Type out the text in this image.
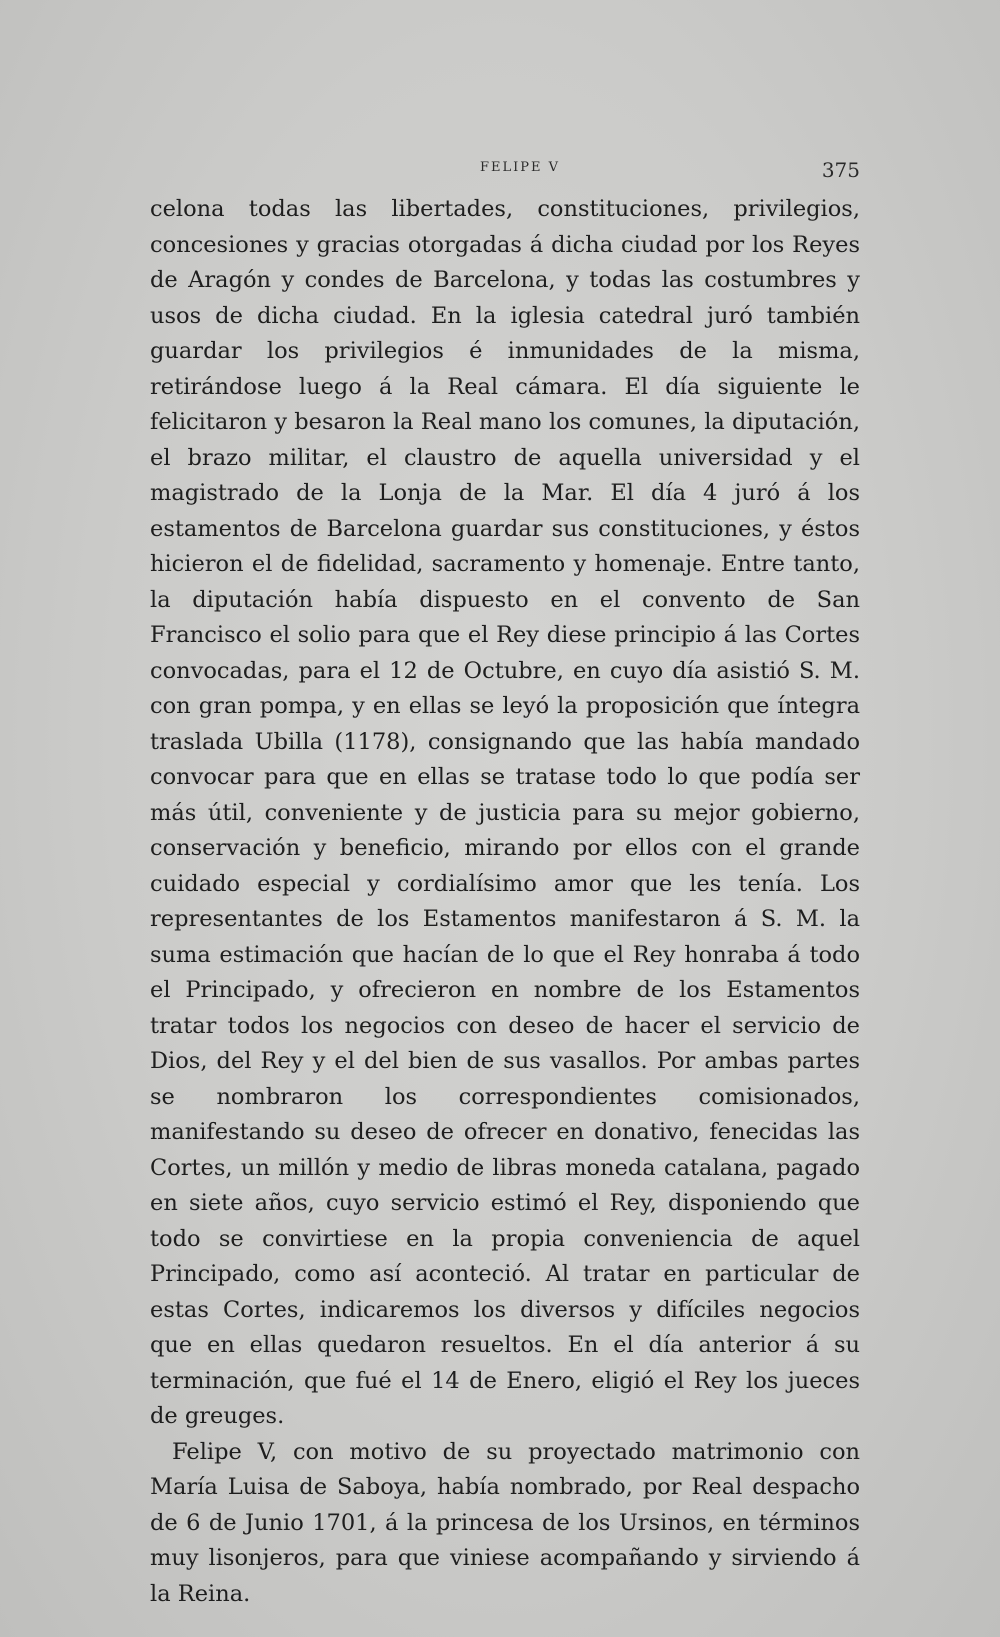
FELIPE V	375

celona todas las libertades, constituciones, privilegios, concesiones y gracias otorgadas á dicha ciudad por los Reyes de Aragón y condes de Barcelona, y todas las costumbres y usos de dicha ciudad. En la iglesia catedral juró también guardar los privilegios é inmunidades de la misma, retirándose luego á la Real cámara. El día siguiente le felicitaron y besaron la Real mano los comunes, la diputación, el brazo militar, el claustro de aquella universidad y el magistrado de la Lonja de la Mar. El día 4 juró á los estamentos de Barcelona guardar sus constituciones, y éstos hicieron el de fidelidad, sacramento y homenaje. Entre tanto, la diputación había dispuesto en el convento de San Francisco el solio para que el Rey diese principio á las Cortes convocadas, para el 12 de Octubre, en cuyo día asistió S. M. con gran pompa, y en ellas se leyó la proposición que íntegra traslada Ubilla (1178), consignando que las había mandado convocar para que en ellas se tratase todo lo que podía ser más útil, conveniente y de justicia para su mejor gobierno, conservación y beneficio, mirando por ellos con el grande cuidado especial y cordialísimo amor que les tenía. Los representantes de los Estamentos manifestaron á S. M. la suma estimación que hacían de lo que el Rey honraba á todo el Principado, y ofrecieron en nombre de los Estamentos tratar todos los negocios con deseo de hacer el servicio de Dios, del Rey y el del bien de sus vasallos. Por ambas partes se nombraron los correspondientes comisionados, manifestando su deseo de ofrecer en donativo, fenecidas las Cortes, un millón y medio de libras moneda catalana, pagado en siete años, cuyo servicio estimó el Rey, disponiendo que todo se convirtiese en la propia conveniencia de aquel Principado, como así aconteció. Al tratar en particular de estas Cortes, indicaremos los diversos y difíciles negocios que en ellas quedaron resueltos. En el día anterior á su terminación, que fué el 14 de Enero, eligió el Rey los jueces de greuges.

Felipe V, con motivo de su proyectado matrimonio con María Luisa de Saboya, había nombrado, por Real despacho de 6 de Junio 1701, á la princesa de los Ursinos, en términos muy lisonjeros, para que viniese acompañando y sirviendo á la Reina.
